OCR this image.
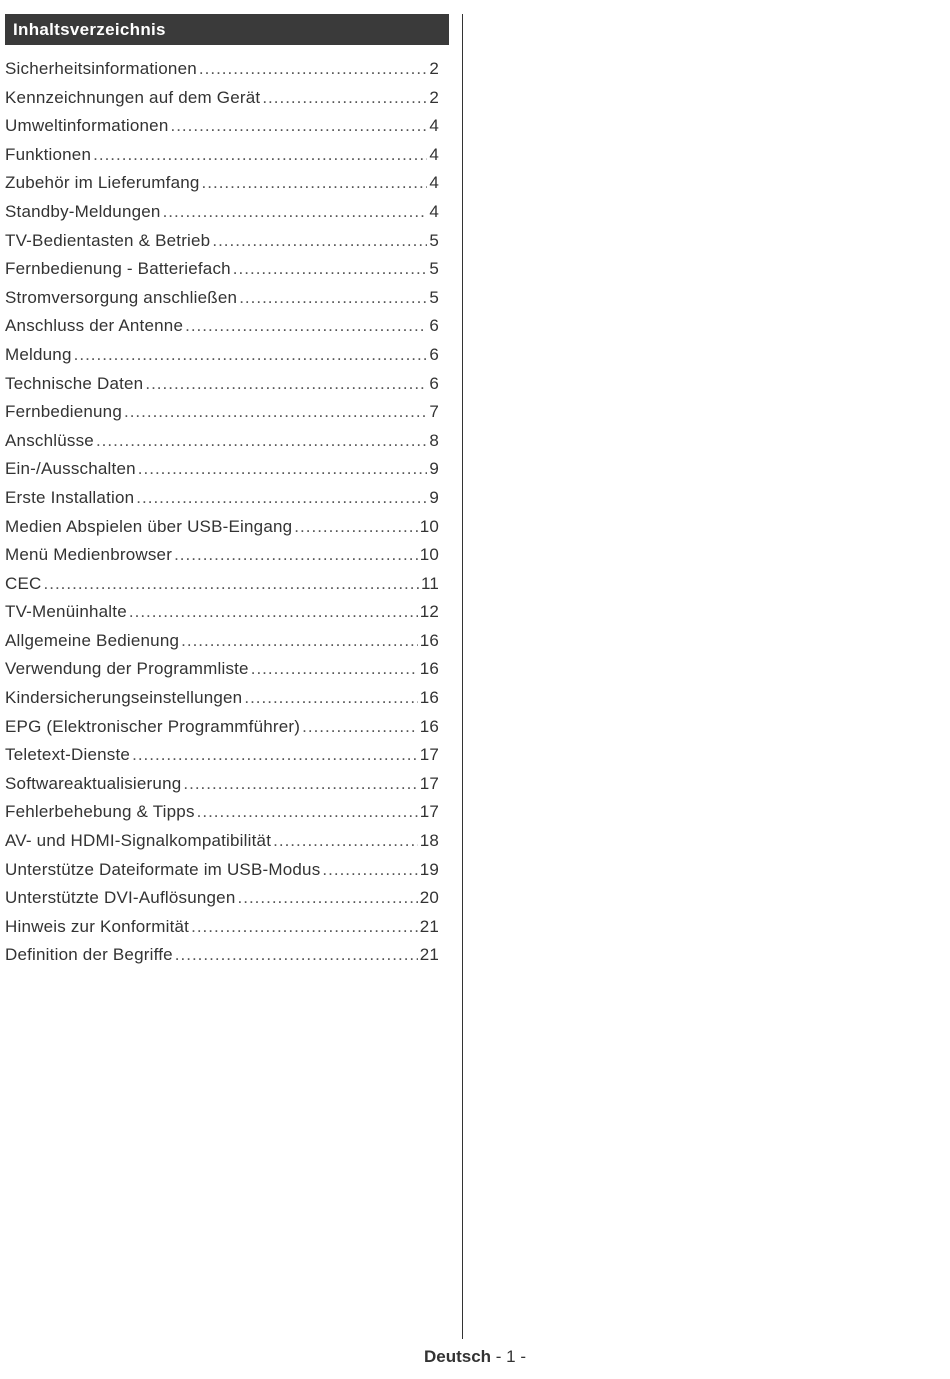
Inhaltsverzeichnis
Sicherheitsinformationen .....	2
Kennzeichnungen auf dem Gerät .....	2
Umweltinformationen .....	4
Funktionen .....	4
Zubehör im Lieferumfang .....	4
Standby-Meldungen .....	4
TV-Bedientasten & Betrieb .....	5
Fernbedienung - Batteriefach .....	5
Stromversorgung anschließen .....	5
Anschluss der Antenne .....	6
Meldung .....	6
Technische Daten .....	6
Fernbedienung .....	7
Anschlüsse .....	8
Ein-/Ausschalten .....	9
Erste Installation .....	9
Medien Abspielen über USB-Eingang .....	10
Menü Medienbrowser .....	10
CEC .....	11
TV-Menüinhalte .....	12
Allgemeine Bedienung .....	16
Verwendung der Programmliste .....	16
Kindersicherungseinstellungen .....	16
EPG (Elektronischer Programmführer) .....	16
Teletext-Dienste .....	17
Softwareaktualisierung .....	17
Fehlerbehebung & Tipps .....	17
AV- und HDMI-Signalkompatibilität .....	18
Unterstütze Dateiformate im USB-Modus .....	19
Unterstützte DVI-Auflösungen .....	20
Hinweis zur Konformität .....	21
Definition der Begriffe .....	21
Deutsch - 1 -
